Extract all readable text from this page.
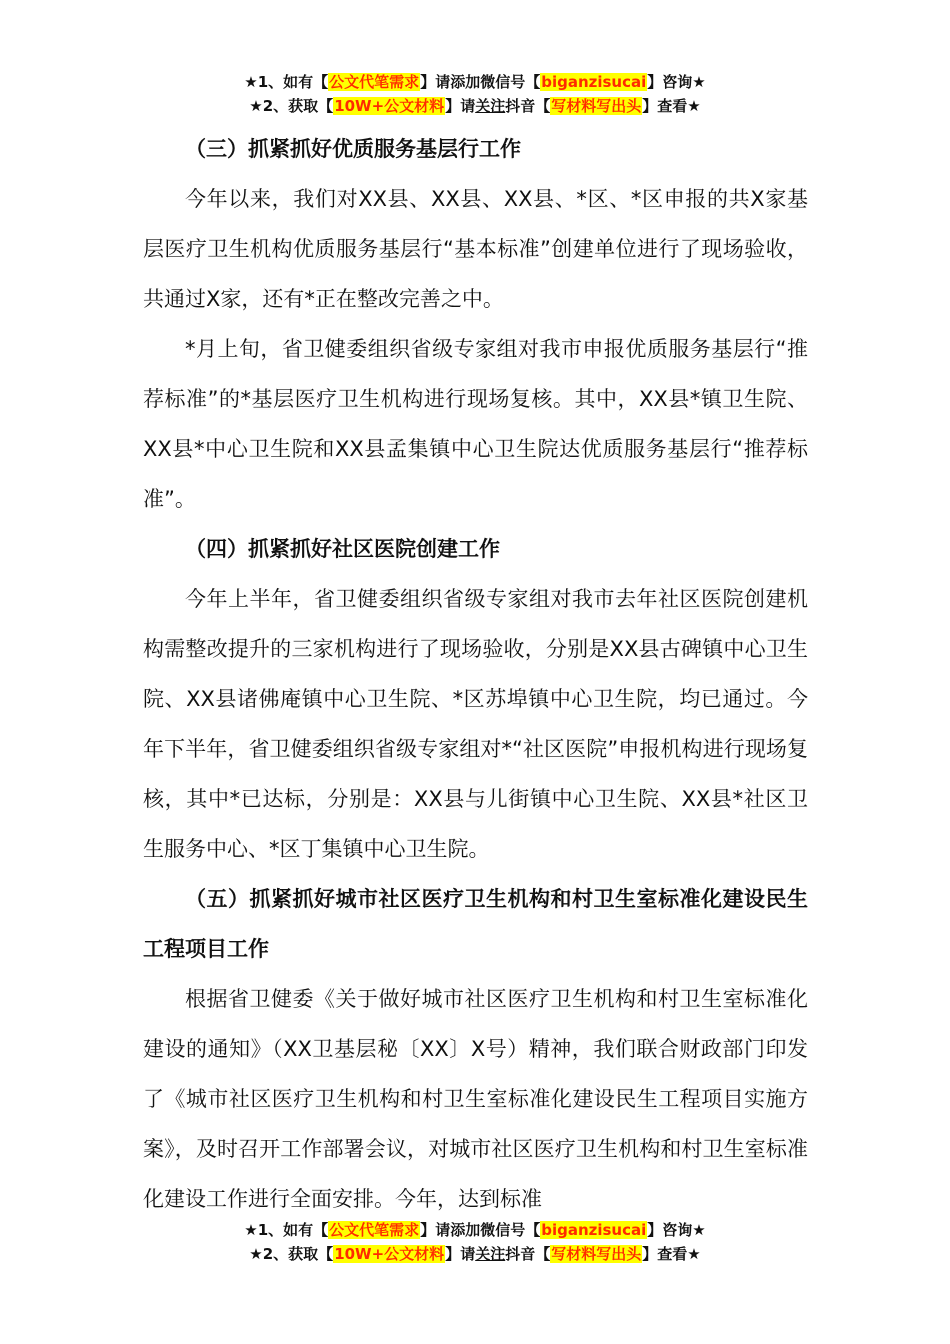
★1、如有【公文代笔需求】请添加微信号【biganzisucai】咨询★
★2、获取【10W+公文材料】请关注抖音【写材料写出头】查看★

（三）抓紧抓好优质服务基层行工作

今年以来，我们对XX县、XX县、XX县、*区、*区申报的共X家基层医疗卫生机构优质服务基层行“基本标准”创建单位进行了现场验收，共通过X家，还有*正在整改完善之中。

*月上旬，省卫健委组织省级专家组对我市申报优质服务基层行“推荐标准”的*基层医疗卫生机构进行现场复核。其中，XX县*镇卫生院、XX县*中心卫生院和XX县孟集镇中心卫生院达优质服务基层行“推荐标准”。

（四）抓紧抓好社区医院创建工作

今年上半年，省卫健委组织省级专家组对我市去年社区医院创建机构需整改提升的三家机构进行了现场验收，分别是XX县古碑镇中心卫生院、XX县诸佛庵镇中心卫生院、*区苏埠镇中心卫生院，均已通过。今年下半年，省卫健委组织省级专家组对*“社区医院”申报机构进行现场复核，其中*已达标，分别是：XX县与儿街镇中心卫生院、XX县*社区卫生服务中心、*区丁集镇中心卫生院。

（五）抓紧抓好城市社区医疗卫生机构和村卫生室标准化建设民生工程项目工作

根据省卫健委《关于做好城市社区医疗卫生机构和村卫生室标准化建设的通知》（XX卫基层秘〔XX〕X号）精神，我们联合财政部门印发了《城市社区医疗卫生机构和村卫生室标准化建设民生工程项目实施方案》，及时召开工作部署会议，对城市社区医疗卫生机构和村卫生室标准化建设工作进行全面安排。今年，达到标准

★1、如有【公文代笔需求】请添加微信号【biganzisucai】咨询★
★2、获取【10W+公文材料】请关注抖音【写材料写出头】查看★
